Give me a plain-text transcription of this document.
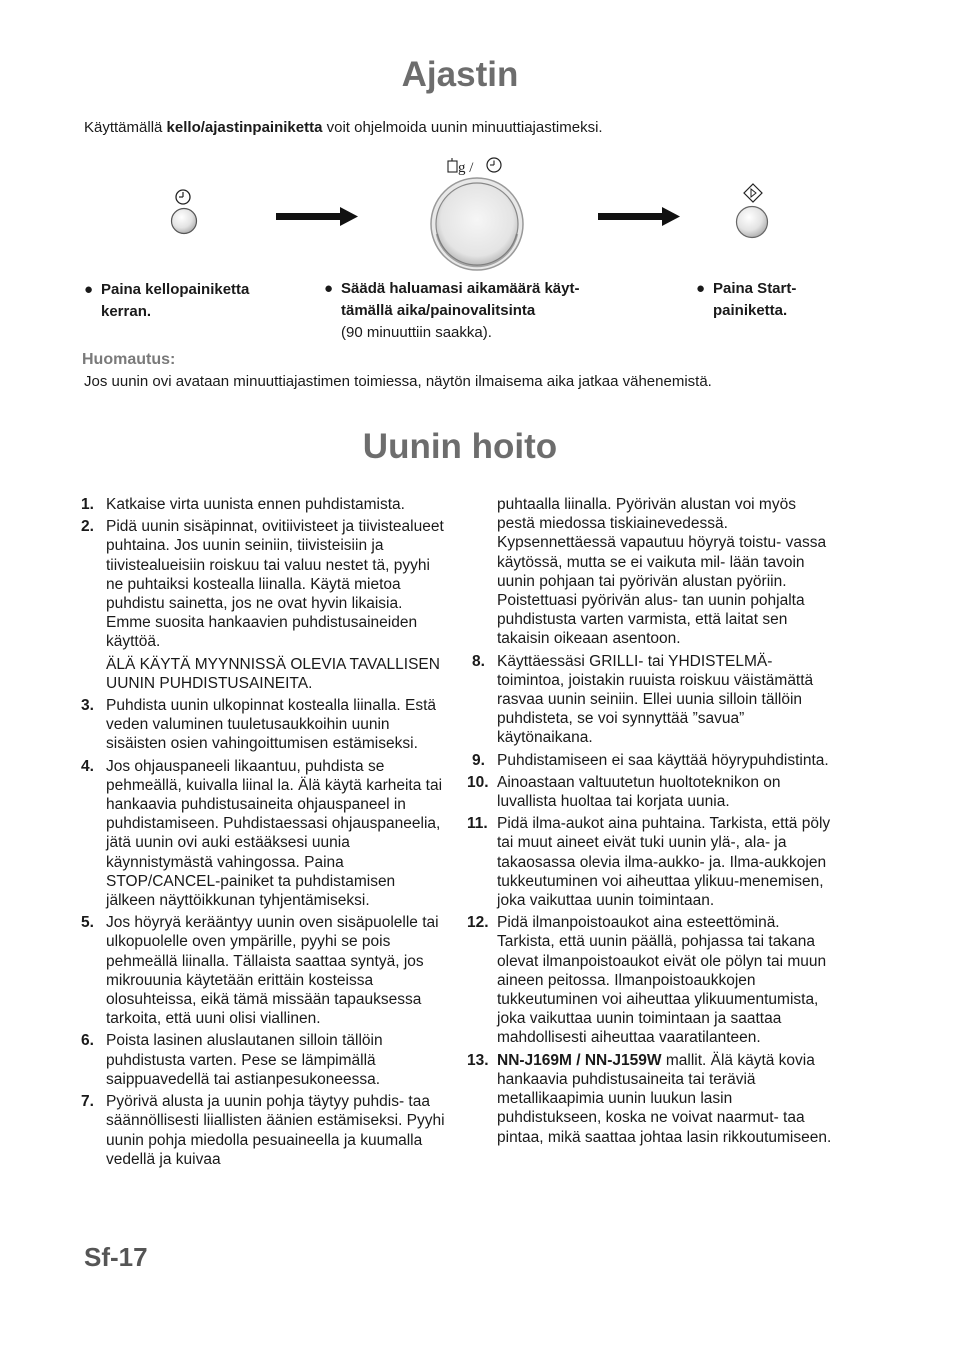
Ajastin
Käyttämällä kello/ajastinpainiketta voit ohjelmoida uunin minuuttiajastimeksi.
g /
● Paina kellopainiketta
kerran.
● Säädä haluamasi aikamäärä käyt-
tämällä aika/painovalitsinta
(90 minuuttiin saakka).
● Paina Start-
painiketta.
Huomautus:
Jos uunin ovi avataan minuuttiajastimen toimiessa, näytön ilmaisema aika jatkaa vähenemistä.
Uunin hoito
1. Katkaise virta uunista ennen puhdistamista.
2. Pidä uunin sisäpinnat, ovitiivisteet ja tiivistealueet puhtaina. Jos uunin seiniin, tiivisteisiin ja tiivistealueisiin roiskuu tai valuu nestet tä, pyyhi ne puhtaiksi kostealla liinalla. Käytä mietoa puhdistu sainetta, jos ne ovat hyvin likaisia. Emme suosita hankaavien puhdistusaineiden käyttöä.
ÄLÄ KÄYTÄ MYYNNISSÄ OLEVIA TAVALLISEN UUNIN PUHDISTUSAINEITA.
3. Puhdista uunin ulkopinnat kostealla liinalla. Estä veden valuminen tuuletusaukkoihin uunin sisäisten osien vahingoittumisen estämiseksi.
4. Jos ohjauspaneeli likaantuu, puhdista se pehmeällä, kuivalla liinal la. Älä käytä karheita tai hankaavia puhdistusaineita ohjauspaneel in puhdistamiseen. Puhdistaessasi ohjauspaneelia, jätä uunin ovi auki estääksesi uunia käynnistymästä vahingossa. Paina STOP/CANCEL-painiket ta puhdistamisen jälkeen näyttöikkunan tyhjentämiseksi.
5. Jos höyryä kerääntyy uunin oven sisäpuolelle tai ulkopuolelle oven ympärille, pyyhi se pois pehmeällä liinalla. Tällaista saattaa syntyä, jos mikrouunia käytetään erittäin kosteissa olosuhteissa, eikä tämä missään tapauksessa tarkoita, että uuni olisi viallinen.
6. Poista lasinen aluslautanen silloin tällöin puhdistusta varten. Pese se lämpimällä saippuavedellä tai astianpesukoneessa.
7. Pyörivä alusta ja uunin pohja täytyy puhdis- taa säännöllisesti liiallisten äänien estämiseksi. Pyyhi uunin pohja miedolla pesuaineella ja kuumalla vedellä ja kuivaa
puhtaalla liinalla. Pyörivän alustan voi myös pestä miedossa tiskiainevedessä. Kypsennettäessä vapautuu höyryä toistu- vassa käytössä, mutta se ei vaikuta mil- lään tavoin uunin pohjaan tai pyörivän alustan pyöriin. Poistettuasi pyörivän alus- tan uunin pohjalta puhdistusta varten varmista, että laitat sen takaisin oikeaan asentoon.
8. Käyttäessäsi GRILLI- tai YHDISTELMÄ- toimintoa, joistakin ruuista roiskuu väistämättä rasvaa uunin seiniin. Ellei uunia silloin tällöin puhdisteta, se voi synnyttää ”savua” käytönaikana.
9. Puhdistamiseen ei saa käyttää höyrypuhdistinta.
10. Ainoastaan valtuutetun huoltoteknikon on luvallista huoltaa tai korjata uunia.
11. Pidä ilma-aukot aina puhtaina. Tarkista, että pöly tai muut aineet eivät tuki uunin ylä-, ala- ja takaosassa olevia ilma-aukko- ja. Ilma-aukkojen tukkeutuminen voi aiheuttaa ylikuu-menemisen, joka vaikuttaa uunin toimintaan.
12. Pidä ilmanpoistoaukot aina esteettöminä. Tarkista, että uunin päällä, pohjassa tai takana olevat ilmanpoistoaukot eivät ole pölyn tai muun aineen peitossa. Ilmanpoistoaukkojen tukkeutuminen voi aiheuttaa ylikuumentumista, joka vaikuttaa uunin toimintaan ja saattaa mahdollisesti aiheuttaa vaaratilanteen.
13. NN-J169M / NN-J159W mallit. Älä käytä kovia hankaavia puhdistusaineita tai teräviä metallikaapimia uunin luukun lasin puhdistukseen, koska ne voivat naarmut- taa pintaa, mikä saattaa johtaa lasin rikkoutumiseen.
Sf-17
